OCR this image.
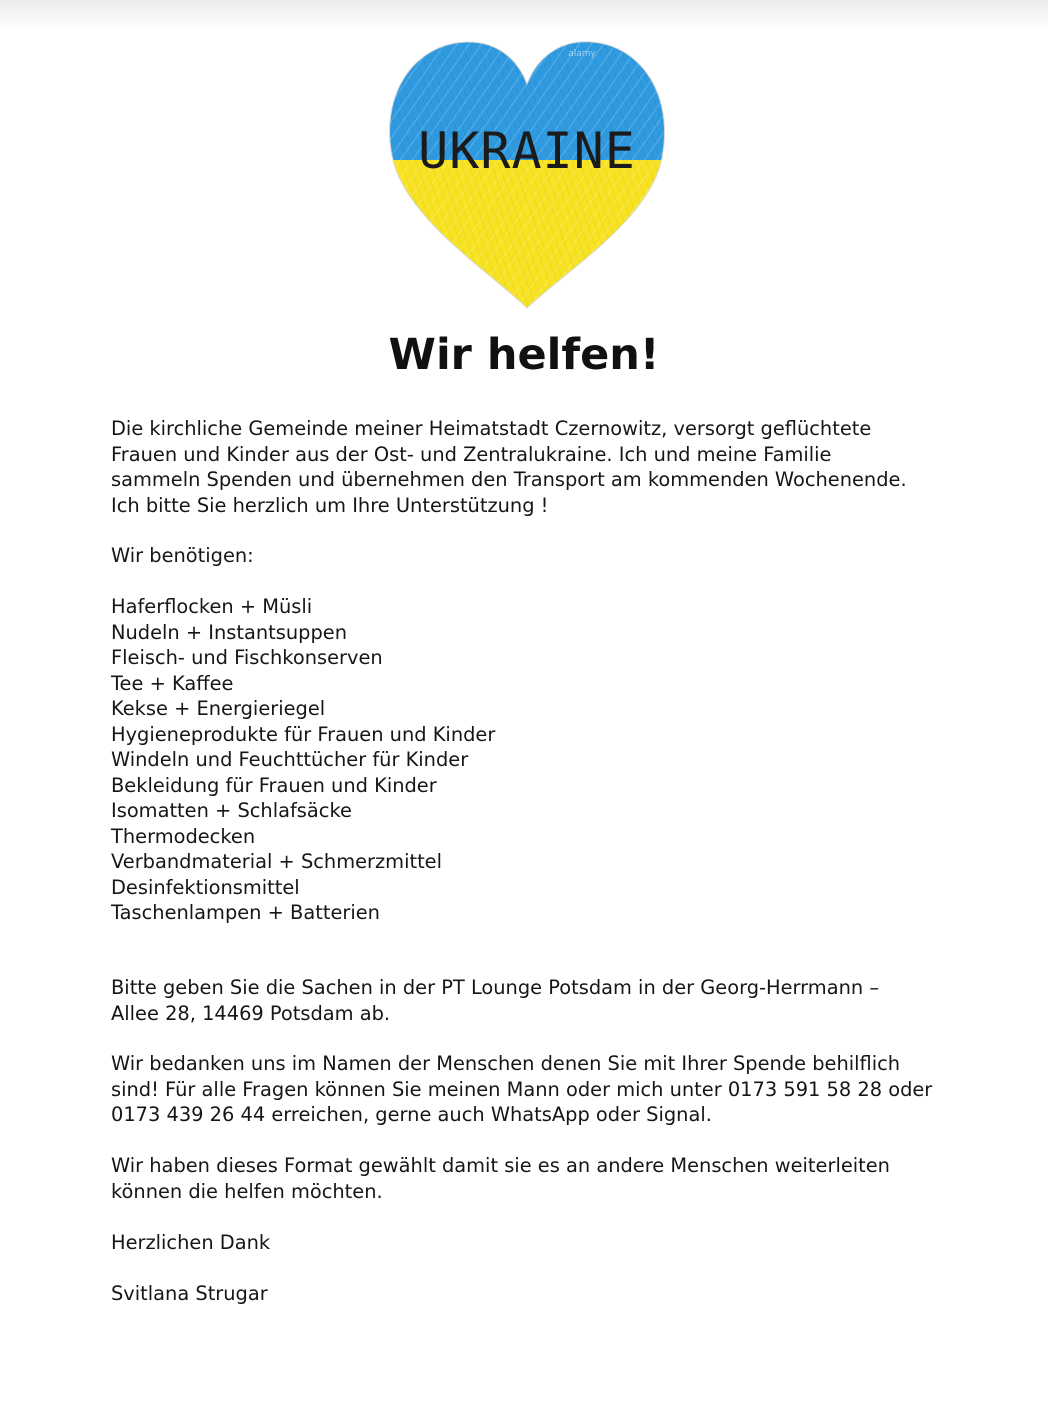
UKRAINE
alamy
Wir helfen!
Die kirchliche Gemeinde meiner Heimatstadt Czernowitz, versorgt geflüchtete
Frauen und Kinder aus der Ost- und Zentralukraine. Ich und meine Familie
sammeln Spenden und übernehmen den Transport am kommenden Wochenende.
Ich bitte Sie herzlich um Ihre Unterstützung !
Wir benötigen:
Haferflocken + Müsli
Nudeln + Instantsuppen
Fleisch- und Fischkonserven
Tee + Kaffee
Kekse + Energieriegel
Hygieneprodukte für Frauen und Kinder
Windeln und Feuchttücher für Kinder
Bekleidung für Frauen und Kinder
Isomatten + Schlafsäcke
Thermodecken
Verbandmaterial + Schmerzmittel
Desinfektionsmittel
Taschenlampen + Batterien
Bitte geben Sie die Sachen in der PT Lounge Potsdam in der Georg-Herrmann –
Allee 28, 14469 Potsdam ab.
Wir bedanken uns im Namen der Menschen denen Sie mit Ihrer Spende behilflich
sind! Für alle Fragen können Sie meinen Mann oder mich unter 0173 591 58 28 oder
0173 439 26 44 erreichen, gerne auch WhatsApp oder Signal.
Wir haben dieses Format gewählt damit sie es an andere Menschen weiterleiten
können die helfen möchten.
Herzlichen Dank
Svitlana Strugar
